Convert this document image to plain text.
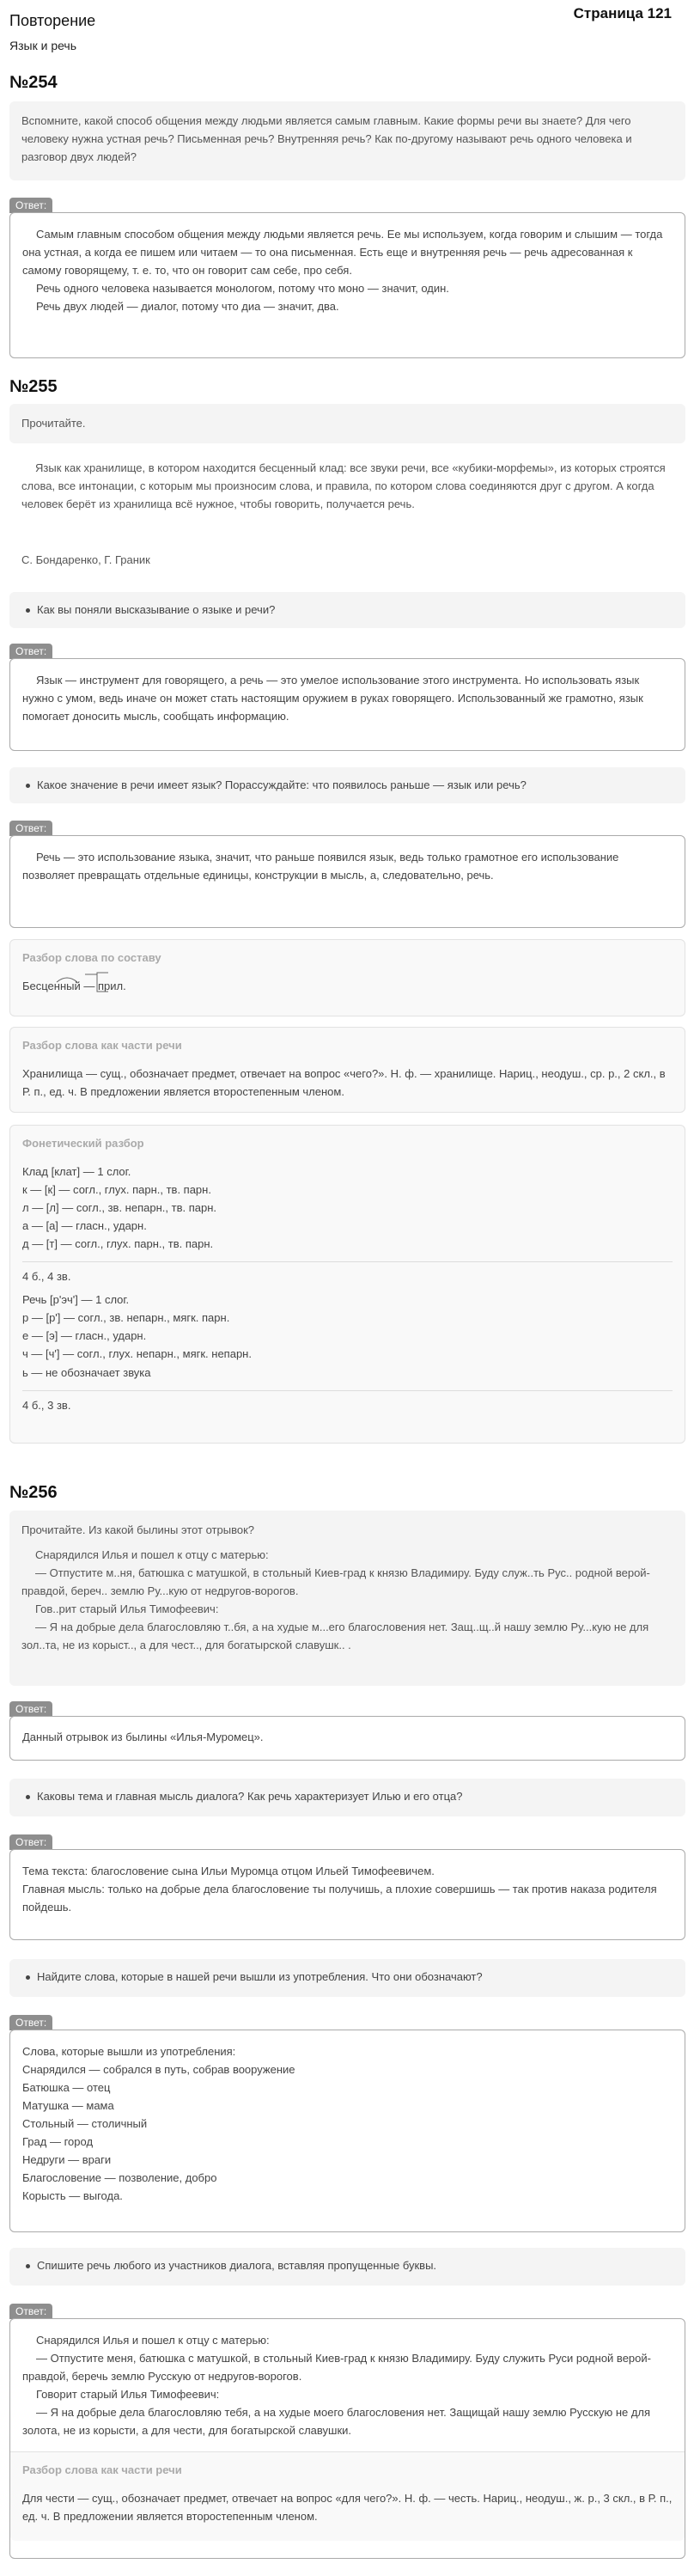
Страница 121
Повторение
Язык и речь
№254
Вспомните, какой способ общения между людьми является самым главным. Какие формы речи вы знаете? Для чего человеку нужна устная речь? Письменная речь? Внутренняя речь? Как по-другому называют речь одного человека и разговор двух людей?
Ответ:
Самым главным способом общения между людьми является речь. Ее мы используем, когда говорим и слышим — тогда она устная, а когда ее пишем или читаем — то она письменная. Есть еще и внутренняя речь — речь адресованная к самому говорящему, т. е. то, что он говорит сам себе, про себя.
Речь одного человека называется монологом, потому что моно — значит, один.
Речь двух людей — диалог, потому что диа — значит, два.
№255
Прочитайте.
Язык как хранилище, в котором находится бесценный клад: все звуки речи, все «кубики-морфемы», из которых строятся слова, все интонации, с которым мы произносим слова, и правила, по котором слова соединяются друг с другом. А когда человек берёт из хранилища всё нужное, чтобы говорить, получается речь.
С. Бондаренко, Г. Граник
Как вы поняли высказывание о языке и речи?
Ответ:
Язык — инструмент для говорящего, а речь — это умелое использование этого инструмента. Но использовать язык нужно с умом, ведь иначе он может стать настоящим оружием в руках говорящего. Использованный же грамотно, язык помогает доносить мысль, сообщать информацию.
Какое значение в речи имеет язык? Порассуждайте: что появилось раньше — язык или речь?
Ответ:
Речь — это использование языка, значит, что раньше появился язык, ведь только грамотное его использование позволяет превращать отдельные единицы, конструкции в мысль, а, следовательно, речь.
Разбор слова по составу
Бесценный — прил.
Разбор слова как части речи
Хранилища — сущ., обозначает предмет, отвечает на вопрос «чего?». Н. ф. — хранилище. Нариц., неодуш., ср. р., 2 скл., в Р. п., ед. ч. В предложении является второстепенным членом.
Фонетический разбор
Клад [клат] — 1 слог.
к — [к] — согл., глух. парн., тв. парн.
л — [л] — согл., зв. непарн., тв. парн.
а — [а] — гласн., ударн.
д — [т] — согл., глух. парн., тв. парн.
4 б., 4 зв.
Речь [р'эч'] — 1 слог.
р — [р'] — согл., зв. непарн., мягк. парн.
е — [э] — гласн., ударн.
ч — [ч'] — согл., глух. непарн., мягк. непарн.
ь — не обозначает звука
4 б., 3 зв.
№256
Прочитайте. Из какой былины этот отрывок?
Снарядился Илья и пошел к отцу с матерью:
— Отпустите м..ня, батюшка с матушкой, в стольный Киев-град к князю Владимиру. Буду служ..ть Рус.. родной верой-правдой, береч.. землю Ру...кую от недругов-ворогов.
Гов..рит старый Илья Тимофеевич:
— Я на добрые дела благословляю т..бя, а на худые м...его благословения нет. Защ..щ..й нашу землю Ру...кую не для зол..та, не из корыст.., а для чест.., для богатырской славушк.. .
Ответ:
Данный отрывок из былины «Илья-Муромец».
Каковы тема и главная мысль диалога? Как речь характеризует Илью и его отца?
Ответ:
Тема текста: благословение сына Ильи Муромца отцом Ильей Тимофеевичем.
Главная мысль: только на добрые дела благословение ты получишь, а плохие совершишь — так против наказа родителя пойдешь.
Найдите слова, которые в нашей речи вышли из употребления. Что они обозначают?
Ответ:
Слова, которые вышли из употребления:
Снарядился — собрался в путь, собрав вооружение
Батюшка — отец
Матушка — мама
Стольный — столичный
Град — город
Недруги — враги
Благословение — позволение, добро
Корысть — выгода.
Спишите речь любого из участников диалога, вставляя пропущенные буквы.
Ответ:
Снарядился Илья и пошел к отцу с матерью:
— Отпустите меня, батюшка с матушкой, в стольный Киев-град к князю Владимиру. Буду служить Руси родной верой-правдой, беречь землю Русскую от недругов-ворогов.
Говорит старый Илья Тимофеевич:
— Я на добрые дела благословляю тебя, а на худые моего благословения нет. Защищай нашу землю Русскую не для золота, не из корысти, а для чести, для богатырской славушки.
Разбор слова как части речи
Для чести — сущ., обозначает предмет, отвечает на вопрос «для чего?». Н. ф. — честь. Нариц., неодуш., ж. р., 3 скл., в Р. п., ед. ч. В предложении является второстепенным членом.
